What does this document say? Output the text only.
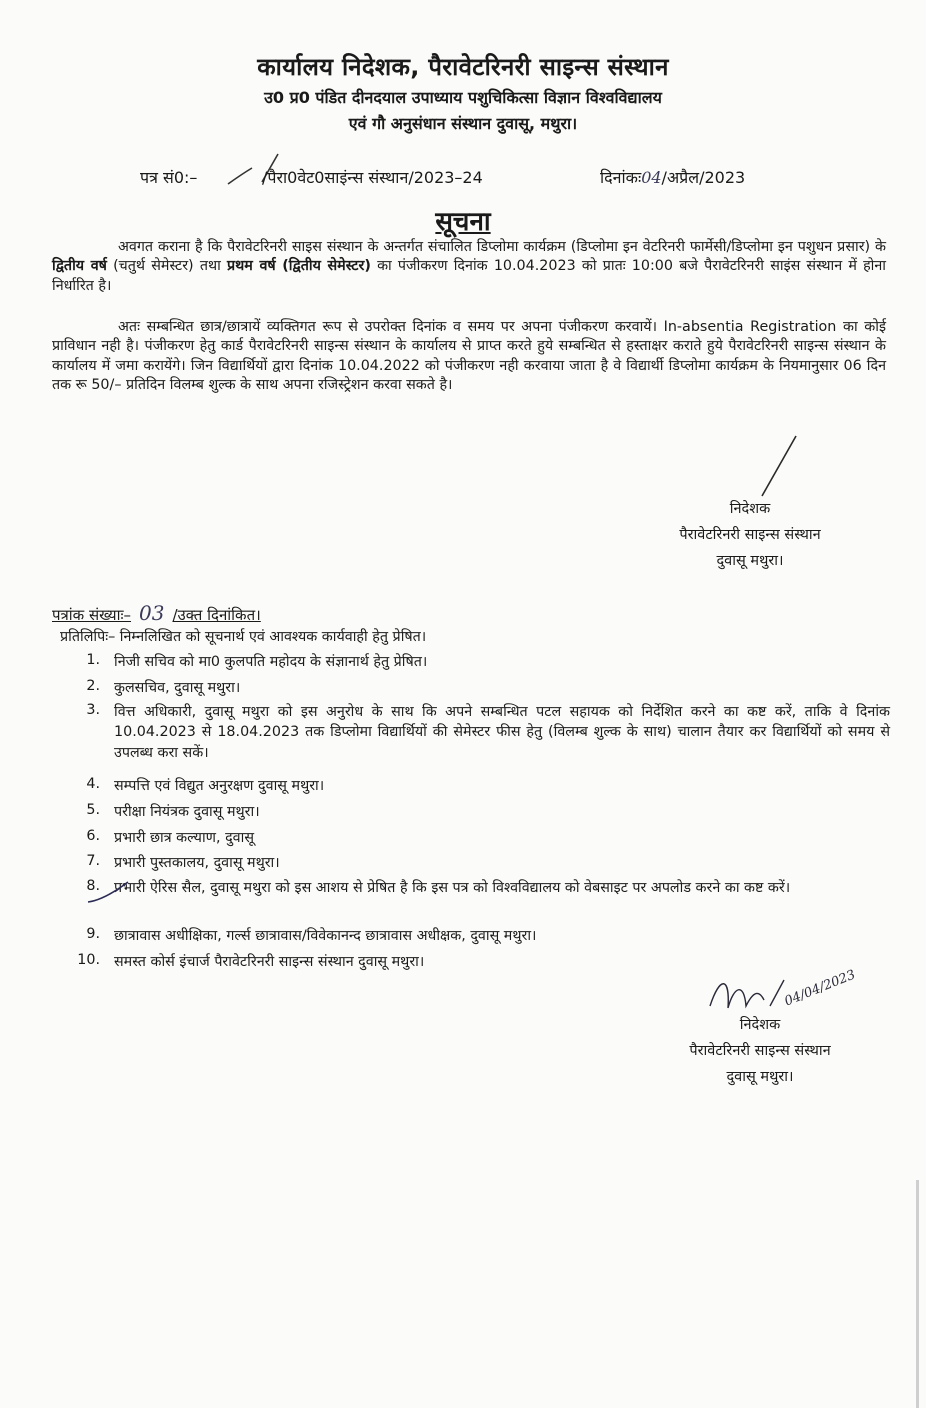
कार्यालय निदेशक, पैरावेटरिनरी साइन्स संस्थान
उ0 प्र0 पंडित दीनदयाल उपाध्याय पशुचिकित्सा विज्ञान विश्वविद्यालय
एवं गौ अनुसंधान संस्थान दुवासू, मथुरा।
पत्र सं0:–	/पैरा0वेट0साइंन्स संस्थान/2023–24	दिनांकः04/अप्रैल/2023
सूचना
अवगत कराना है कि पैरावेटरिनरी साइस संस्थान के अन्तर्गत संचालित डिप्लोमा कार्यक्रम (डिप्लोमा इन वेटरिनरी फार्मेसी/डिप्लोमा इन पशुधन प्रसार) के द्वितीय वर्ष (चतुर्थ सेमेस्टर) तथा प्रथम वर्ष (द्वितीय सेमेस्टर) का पंजीकरण दिनांक 10.04.2023 को प्रातः 10:00 बजे पैरावेटरिनरी साइंस संस्थान में होना निर्धारित है।
अतः सम्बन्धित छात्र/छात्रायें व्यक्तिगत रूप से उपरोक्त दिनांक व समय पर अपना पंजीकरण करवायें। In-absentia Registration का कोई प्राविधान नही है। पंजीकरण हेतु कार्ड पैरावेटरिनरी साइन्स संस्थान के कार्यालय से प्राप्त करते हुये सम्बन्धित से हस्ताक्षर कराते हुये पैरावेटरिनरी साइन्स संस्थान के कार्यालय में जमा करायेंगे। जिन विद्यार्थियों द्वारा दिनांक 10.04.2022 को पंजीकरण नही करवाया जाता है वे विद्यार्थी डिप्लोमा कार्यक्रम के नियमानुसार 06 दिन तक रू 50/– प्रतिदिन विलम्ब शुल्क के साथ अपना रजिस्ट्रेशन करवा सकते है।
निदेशक
पैरावेटरिनरी साइन्स संस्थान
दुवासू मथुरा।
पत्रांक संख्याः– 03 /उक्त दिनांकित।
प्रतिलिपिः– निम्नलिखित को सूचनार्थ एवं आवश्यक कार्यवाही हेतु प्रेषित।
1. निजी सचिव को मा0 कुलपति महोदय के संज्ञानार्थ हेतु प्रेषित।
2. कुलसचिव, दुवासू मथुरा।
3. वित्त अधिकारी, दुवासू मथुरा को इस अनुरोध के साथ कि अपने सम्बन्धित पटल सहायक को निर्देशित करने का कष्ट करें, ताकि वे दिनांक 10.04.2023 से 18.04.2023 तक डिप्लोमा विद्यार्थियों की सेमेस्टर फीस हेतु (विलम्ब शुल्क के साथ) चालान तैयार कर विद्यार्थियों को समय से उपलब्ध करा सकें।
4. सम्पत्ति एवं विद्युत अनुरक्षण दुवासू मथुरा।
5. परीक्षा नियंत्रक दुवासू मथुरा।
6. प्रभारी छात्र कल्याण, दुवासू
7. प्रभारी पुस्तकालय, दुवासू मथुरा।
8. प्रभारी ऐरिस सैल, दुवासू मथुरा को इस आशय से प्रेषित है कि इस पत्र को विश्वविद्यालय को वेबसाइट पर अपलोड करने का कष्ट करें।
9. छात्रावास अधीक्षिका, गर्ल्स छात्रावास/विवेकानन्द छात्रावास अधीक्षक, दुवासू मथुरा।
10. समस्त कोर्स इंचार्ज पैरावेटरिनरी साइन्स संस्थान दुवासू मथुरा।
04/04/2023
निदेशक
पैरावेटरिनरी साइन्स संस्थान
दुवासू मथुरा।
